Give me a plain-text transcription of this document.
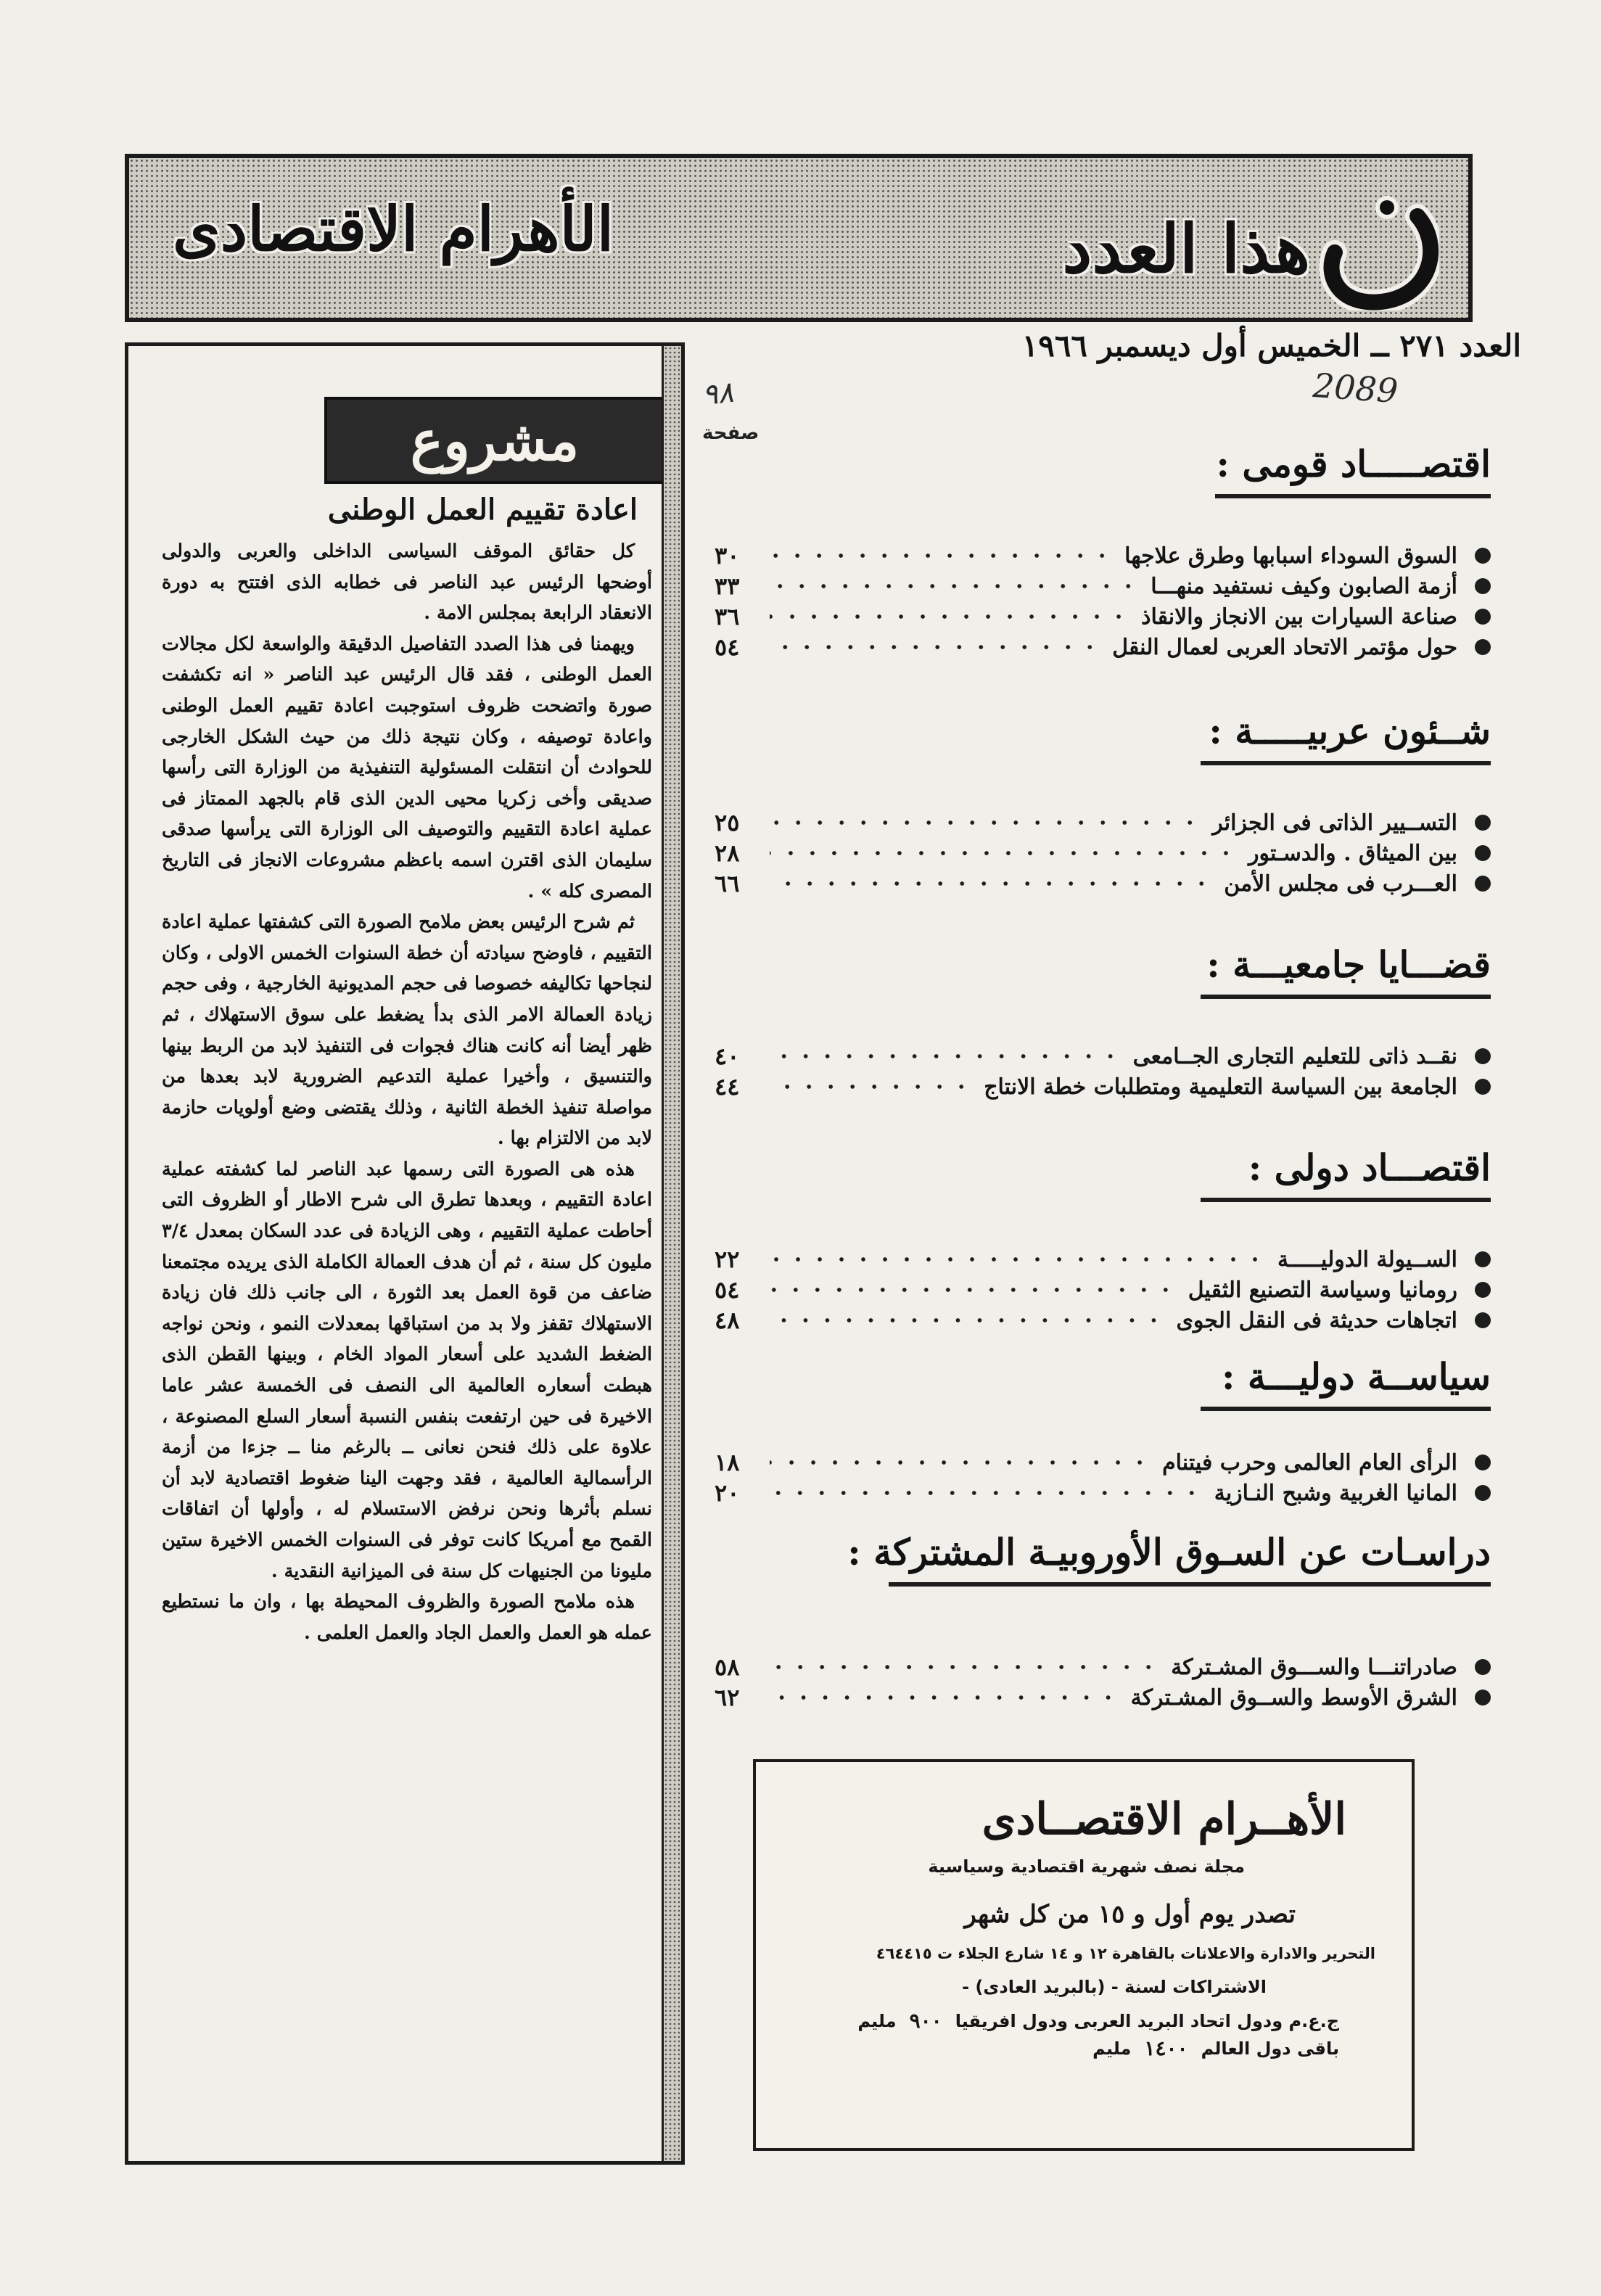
هذا العدد
الأهرام الاقتصادى
العدد ٢٧١ ــ الخميس أول ديسمبر ١٩٦٦
2089
٩٨
صفحة
اقتصـــــاد قومى :
السوق السوداء اسبابها وطرق علاجها
٣٠
أزمة الصابون وكيف نستفيد منهـــا
٣٣
صناعة السيارات بين الانجاز والانقاذ
٣٦
حول مؤتمر الاتحاد العربى لعمال النقل
٥٤
شــئون عربيـــــة :
التســيير الذاتى فى الجزائر
٢٥
بين الميثاق . والدسـتور
٢٨
العـــرب فى مجلس الأمن
٦٦
قضـــايا جامعيـــة :
نقــد ذاتى للتعليم التجارى الجــامعى
٤٠
الجامعة بين السياسة التعليمية ومتطلبات خطة الانتاج
٤٤
اقتصـــاد دولى :
الســيولة الدوليـــــة
٢٢
رومانيا وسياسة التصنيع الثقيل
٥٤
اتجاهات حديثة فى النقل الجوى
٤٨
سياســة دوليـــة :
الرأى العام العالمى وحرب فيتنام
١٨
المانيا الغربية وشبح النـازية
٢٠
دراسـات عن السـوق الأوروبيـة المشتركة :
صادراتنـــا والســـوق المشـتركة
٥٨
الشرق الأوسط والســوق المشـتركة
٦٢
مشروع
اعادة تقييم العمل الوطنى

كل حقائق الموقف السياسى الداخلى والعربى والدولى أوضحها الرئيس عبد الناصر فى خطابه الذى افتتح به دورة الانعقاد الرابعة بمجلس الامة .

ويهمنا فى هذا الصدد التفاصيل الدقيقة والواسعة لكل مجالات العمل الوطنى ، فقد قال الرئيس عبد الناصر « انه تكشفت صورة واتضحت ظروف استوجبت اعادة تقييم العمل الوطنى واعادة توصيفه ، وكان نتيجة ذلك من حيث الشكل الخارجى للحوادث أن انتقلت المسئولية التنفيذية من الوزارة التى رأسها صديقى وأخى زكريا محيى الدين الذى قام بالجهد الممتاز فى عملية اعادة التقييم والتوصيف الى الوزارة التى يرأسها صدقى سليمان الذى اقترن اسمه باعظم مشروعات الانجاز فى التاريخ المصرى كله » .

ثم شرح الرئيس بعض ملامح الصورة التى كشفتها عملية اعادة التقييم ، فاوضح سيادته أن خطة السنوات الخمس الاولى ، وكان لنجاحها تكاليفه خصوصا فى حجم المديونية الخارجية ، وفى حجم زيادة العمالة الامر الذى بدأ يضغط على سوق الاستهلاك ، ثم ظهر أيضا أنه كانت هناك فجوات فى التنفيذ لابد من الربط بينها والتنسيق ، وأخيرا عملية التدعيم الضرورية لابد بعدها من مواصلة تنفيذ الخطة الثانية ، وذلك يقتضى وضع أولويات حازمة لابد من الالتزام بها .

هذه هى الصورة التى رسمها عبد الناصر لما كشفته عملية اعادة التقييم ، وبعدها تطرق الى شرح الاطار أو الظروف التى أحاطت عملية التقييم ، وهى الزيادة فى عدد السكان بمعدل ٣/٤ مليون كل سنة ، ثم أن هدف العمالة الكاملة الذى يريده مجتمعنا ضاعف من قوة العمل بعد الثورة ، الى جانب ذلك فان زيادة الاستهلاك تقفز ولا بد من استباقها بمعدلات النمو ، ونحن نواجه الضغط الشديد على أسعار المواد الخام ، وبينها القطن الذى هبطت أسعاره العالمية الى النصف فى الخمسة عشر عاما الاخيرة فى حين ارتفعت بنفس النسبة أسعار السلع المصنوعة ، علاوة على ذلك فنحن نعانى ــ بالرغم منا ــ جزءا من أزمة الرأسمالية العالمية ، فقد وجهت الينا ضغوط اقتصادية لابد أن نسلم بأثرها ونحن نرفض الاستسلام له ، وأولها أن اتفاقات القمح مع أمريكا كانت توفر فى السنوات الخمس الاخيرة ستين مليونا من الجنيهات كل سنة فى الميزانية النقدية .

هذه ملامح الصورة والظروف المحيطة بها ، وان ما نستطيع عمله هو العمل والعمل الجاد والعمل العلمى .

الأهــرام الاقتصــادى
مجلة نصف شهرية اقتصادية وسياسية
تصدر يوم أول و ١٥ من كل شهر
التحرير والادارة والاعلانات بالقاهرة ١٢ و ١٤ شارع الجلاء ت ٤٦٤٤١٥
الاشتراكات لسنة - (بالبريد العادى) -
ج.ع.م ودول اتحاد البريد العربى ودول افريقيا
٩٠٠
مليم
باقى دول العالم
١٤٠٠
مليم
